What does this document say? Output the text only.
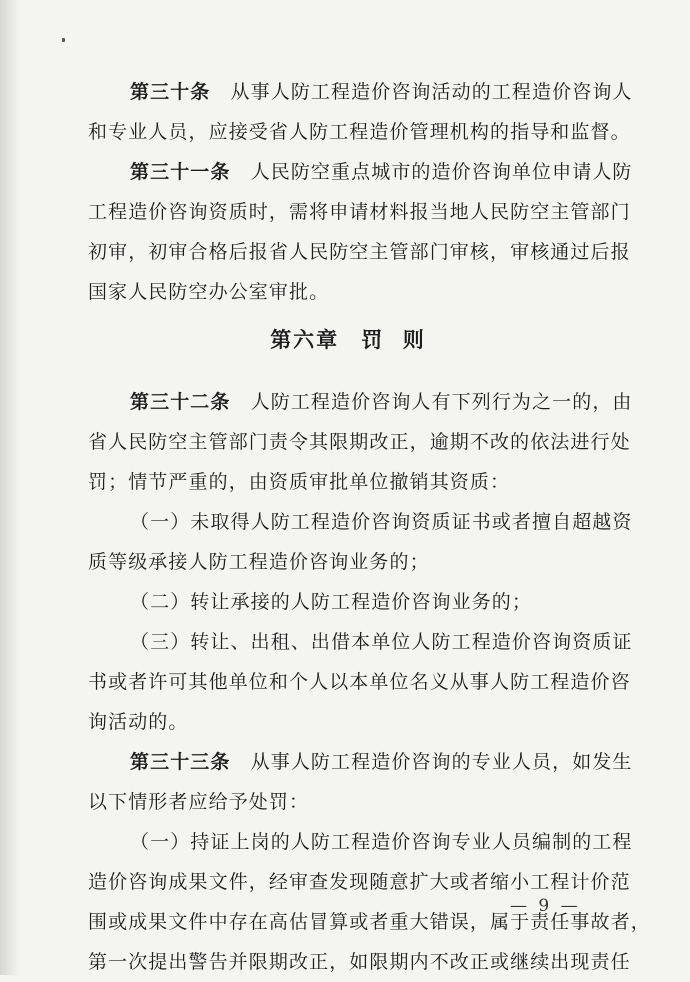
第三十条　 从事人防工程造价咨询活动的工程造价咨询人
和专业人员，应接受省人防工程造价管理机构的指导和监督。
第三十一条　 人民防空重点城市的造价咨询单位申请人防
工程造价咨询资质时，需将申请材料报当地人民防空主管部门
初审，初审合格后报省人民防空主管部门审核，审核通过后报
国家人民防空办公室审批。
第六章 罚  则
第三十二条　 人防工程造价咨询人有下列行为之一的，由
省人民防空主管部门责令其限期改正，逾期不改的依法进行处
罚；情节严重的，由资质审批单位撤销其资质：
（一）未取得人防工程造价咨询资质证书或者擅自超越资
质等级承接人防工程造价咨询业务的；
（二）转让承接的人防工程造价咨询业务的；
（三）转让、出租、出借本单位人防工程造价咨询资质证
书或者许可其他单位和个人以本单位名义从事人防工程造价咨
询活动的。
第三十三条　 从事人防工程造价咨询的专业人员，如发生
以下情形者应给予处罚：
（一）持证上岗的人防工程造价咨询专业人员编制的工程
造价咨询成果文件，经审查发现随意扩大或者缩小工程计价范
围或成果文件中存在高估冒算或者重大错误，属于责任事故者，
第一次提出警告并限期改正，如限期内不改正或继续出现责任
— 9 —
